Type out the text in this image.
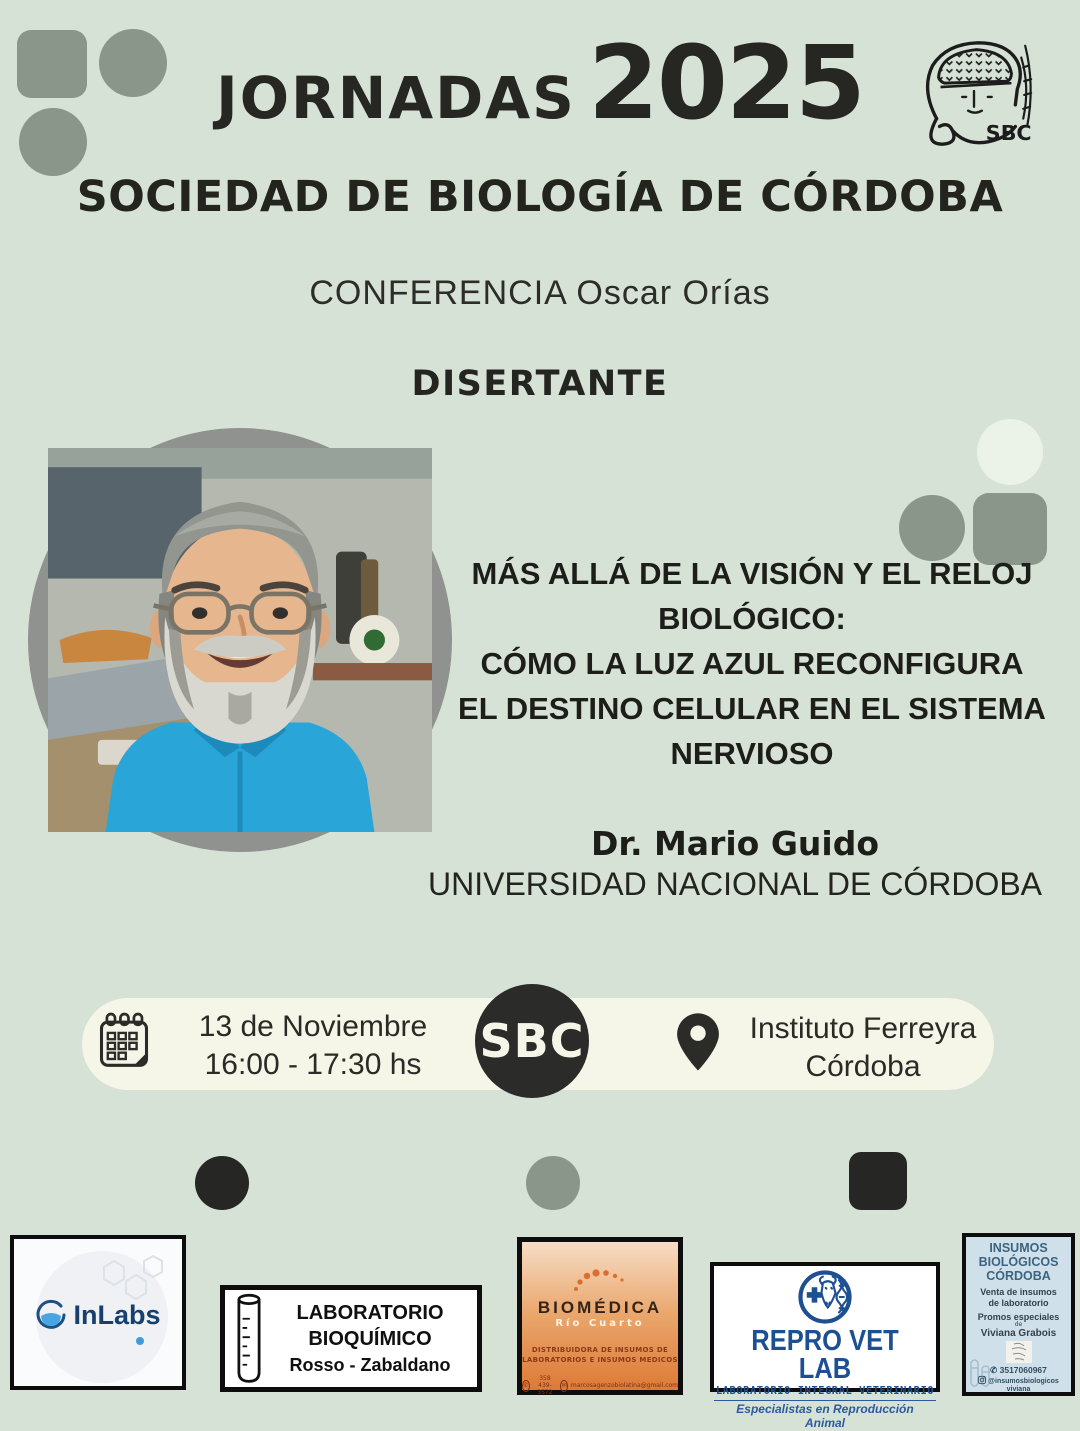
JORNADAS 2025	SBC
SOCIEDAD DE BIOLOGÍA DE CÓRDOBA
CONFERENCIA Oscar Orías
DISERTANTE
MÁS ALLÁ DE LA VISIÓN Y EL RELOJ
BIOLÓGICO:
CÓMO LA LUZ AZUL RECONFIGURA
EL DESTINO CELULAR EN EL SISTEMA
NERVIOSO
Dr. Mario Guido
UNIVERSIDAD NACIONAL DE CÓRDOBA
13 de Noviembre
16:00 - 17:30 hs	SBC	Instituto Ferreyra
Córdoba
InLabs	LABORATORIO BIOQUÍMICO
Rosso - Zabaldano
BIOMÉDICA
Río Cuarto
DISTRIBUIDORA DE INSUMOS DE
LABORATORIOS E INSUMOS MEDICOS
✆
358 439-3572
✉ marcosagenzobiolatina@gmail.com
REPRO VET LAB
LABORATORIO INTEGRAL VETERINARIO
Especialistas en Reproducción Animal
INSUMOS
BIOLÓGICOS
CÓRDOBA
Venta de insumos
de laboratorio
Promos especiales
de
Viviana Grabois
✆ 3517060967
@insumosbiologicos
viviana
